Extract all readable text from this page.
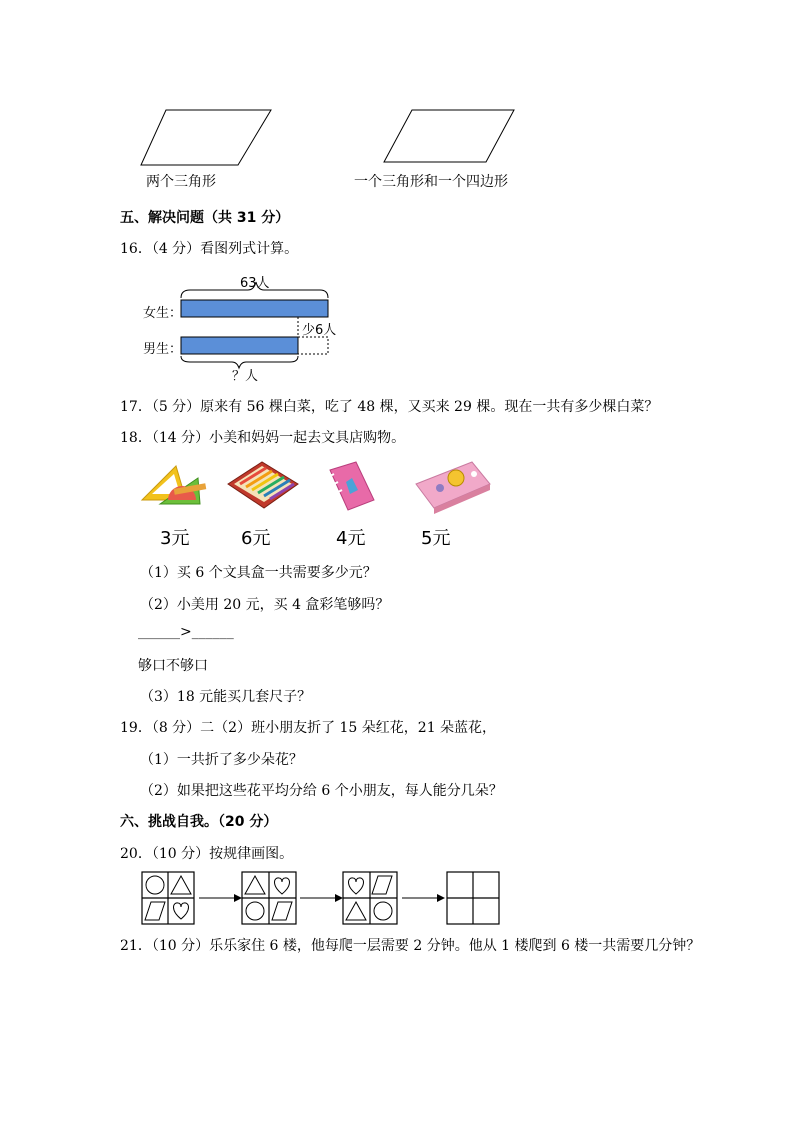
两个三角形	一个三角形和一个四边形
五、解决问题（共 31 分）
16．（4 分）看图列式计算。
63人
女生：
男生：
少6人
？人
17．（5 分）原来有 56 棵白菜，吃了 48 棵，又买来 29 棵。现在一共有多少棵白菜？
18．（14 分）小美和妈妈一起去文具店购物。
3元	6元	4元	5元
（1）买 6 个文具盒一共需要多少元？
（2）小美用 20 元，买 4 盒彩笔够吗？
______>______
够口不够口
（3）18 元能买几套尺子？
19．（8 分）二（2）班小朋友折了 15 朵红花，21 朵蓝花，
（1）一共折了多少朵花？
（2）如果把这些花平均分给 6 个小朋友，每人能分几朵？
六、挑战自我。（20 分）
20．（10 分）按规律画图。
21．（10 分）乐乐家住 6 楼，他每爬一层需要 2 分钟。他从 1 楼爬到 6 楼一共需要几分钟？
